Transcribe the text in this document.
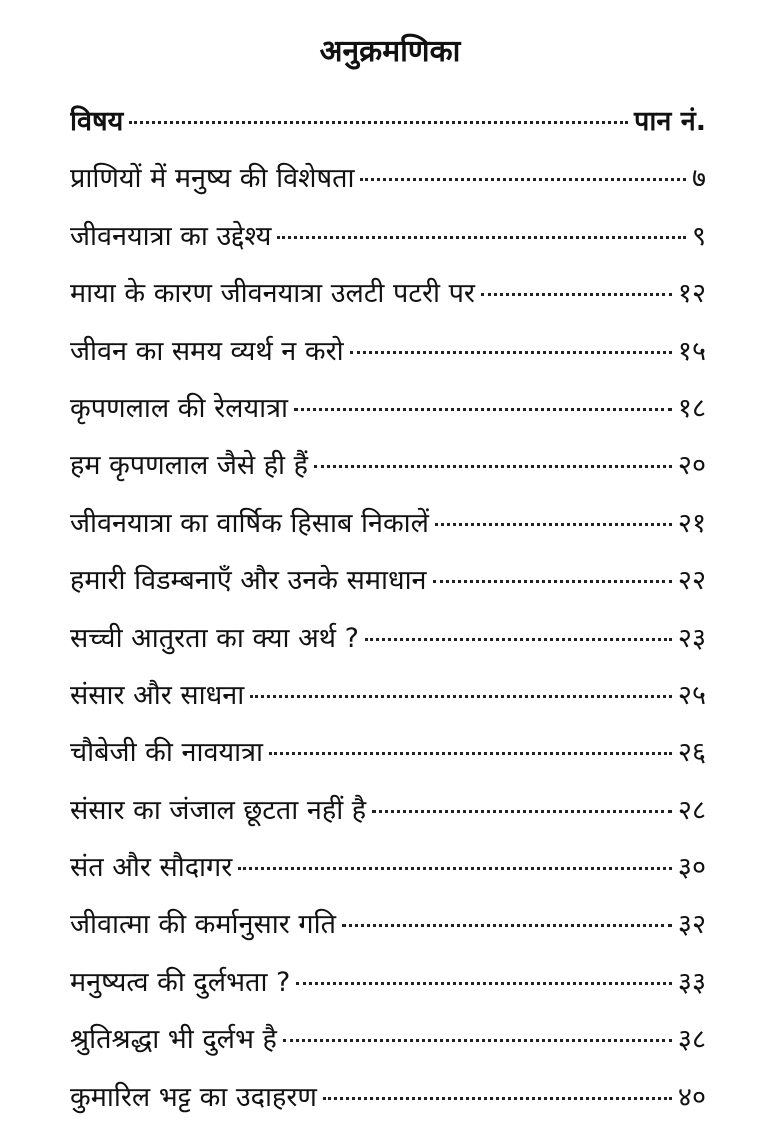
अनुक्रमणिका
विषय	पान नं.
प्राणियों में मनुष्य की विशेषता	७
जीवनयात्रा का उद्देश्य	९
माया के कारण जीवनयात्रा उलटी पटरी पर	१२
जीवन का समय व्यर्थ न करो	१५
कृपणलाल की रेलयात्रा	१८
हम कृपणलाल जैसे ही हैं	२०
जीवनयात्रा का वार्षिक हिसाब निकालें	२१
हमारी विडम्बनाएँ और उनके समाधान	२२
सच्ची आतुरता का क्या अर्थ ?	२३
संसार और साधना	२५
चौबेजी की नावयात्रा	२६
संसार का जंजाल छूटता नहीं है	२८
संत और सौदागर	३०
जीवात्मा की कर्मानुसार गति	३२
मनुष्यत्व की दुर्लभता ?	३३
श्रुतिश्रद्धा भी दुर्लभ है	३८
कुमारिल भट्ट का उदाहरण	४०
